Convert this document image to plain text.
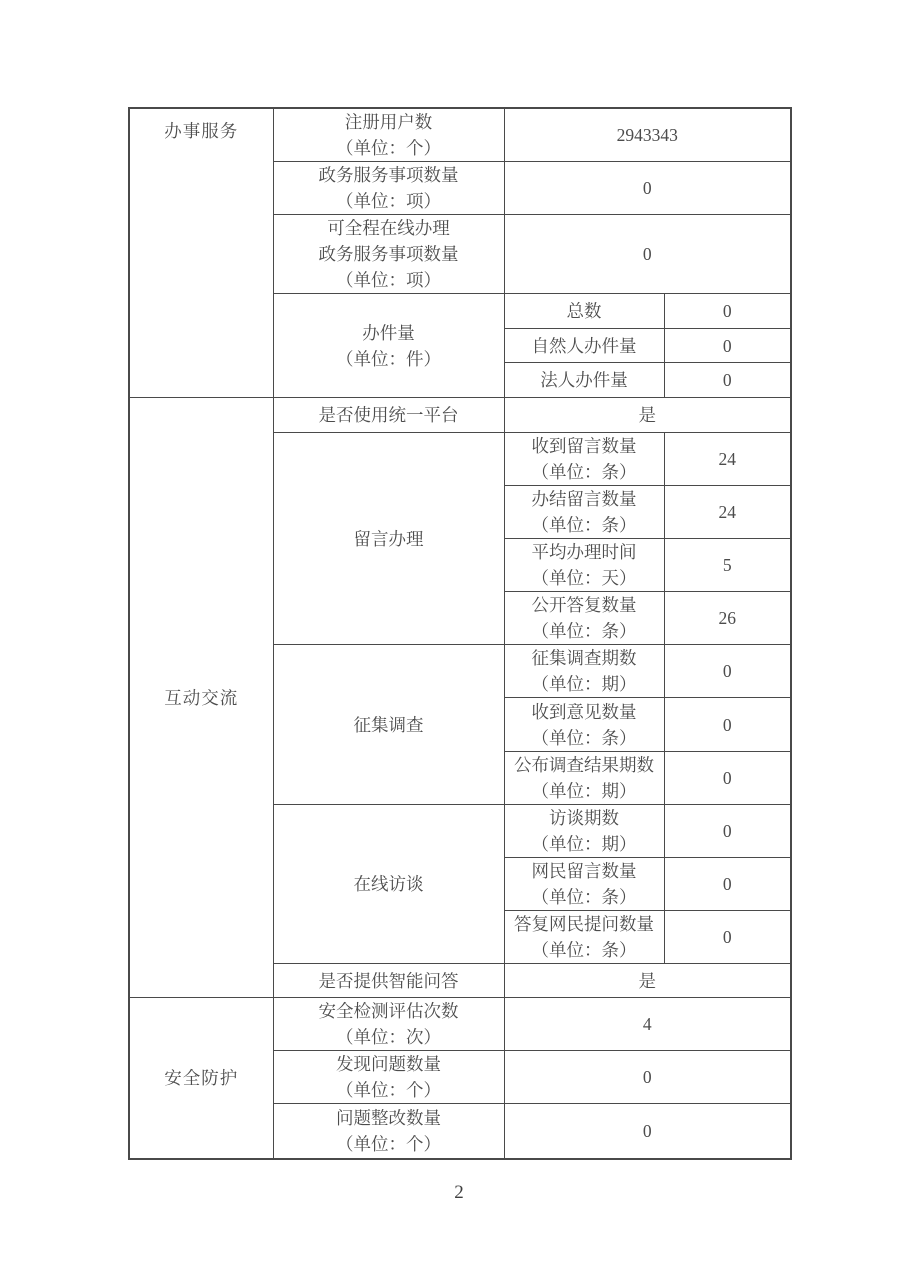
办事服务	注册用户数
（单位：个）	2943343	

	政务服务事项数量
（单位：项）	0	

	可全程在线办理
政务服务事项数量
（单位：项）	0	

	办件量
（单位：件）	总数	0

		自然人办件量	0

		法人办件量	0

互动交流	是否使用统一平台	是	

	留言办理	收到留言数量
（单位：条）	24

		办结留言数量
（单位：条）	24

		平均办理时间
（单位：天）	5

		公开答复数量
（单位：条）	26

	征集调查	征集调查期数
（单位：期）	0

		收到意见数量
（单位：条）	0

		公布调查结果期数
（单位：期）	0

	在线访谈	访谈期数
（单位：期）	0

		网民留言数量
（单位：条）	0

		答复网民提问数量
（单位：条）	0

	是否提供智能问答	是	

安全防护	安全检测评估次数
（单位：次）	4	

	发现问题数量
（单位：个）	0	

	问题整改数量
（单位：个）	0	
2
